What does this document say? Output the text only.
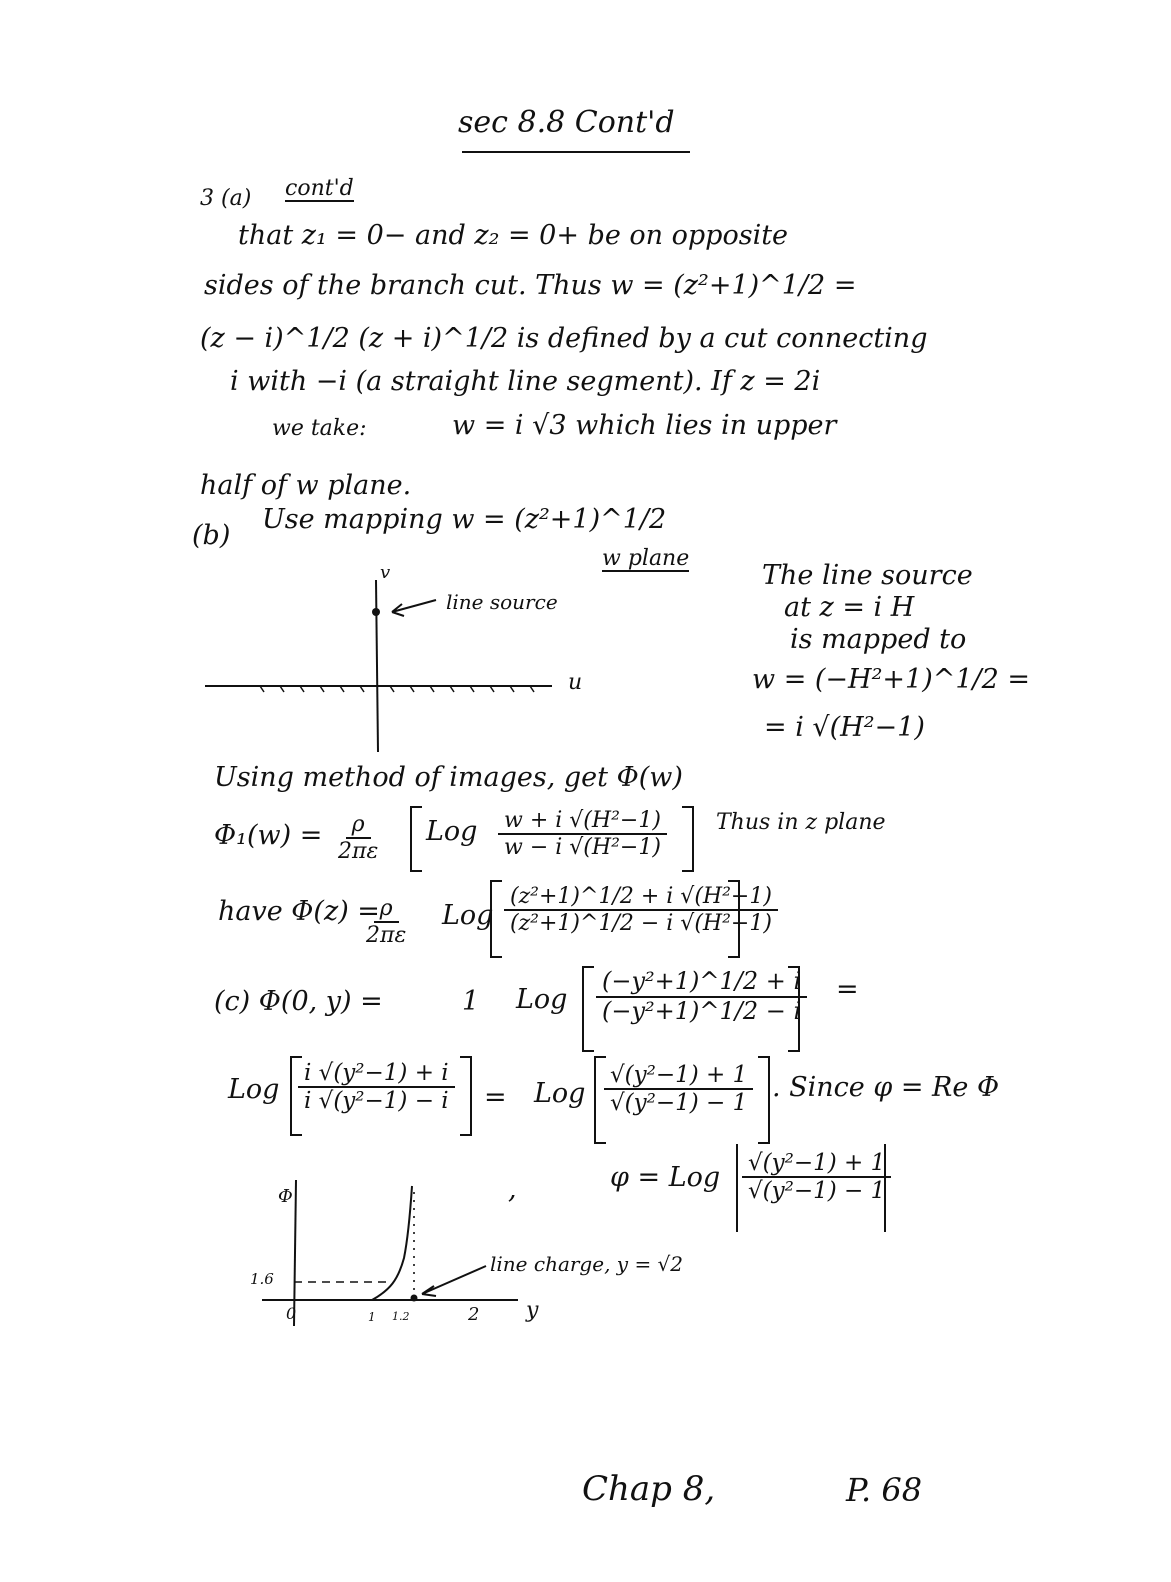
sec 8.8 Cont'd
3 (a) cont'd
that z₁ = 0− and z₂ = 0+ be on opposite
sides of the branch cut. Thus w = (z²+1)^1/2 =
(z − i)^1/2 (z + i)^1/2 is defined by a cut connecting
i with −i (a straight line segment). If z = 2i
we take:	w = i √3 which lies in upper
half of w plane.
(b)
Use mapping w = (z²+1)^1/2
w plane
v
u
line source
The line source
at z = i H
is mapped to
w = (−H²+1)^1/2 =
= i √(H²−1)
Using method of images, get Φ(w)
$\Phi_1(w) = \frac{\rho}{2\pi\varepsilon}$ Log $\frac{\text{w + i √(H²−1)}}{\text{w − i √(H²−1)}}$ Thus in z plane
have Φ(z) =
$\frac{\rho}{2\pi\varepsilon}$ Log $\frac{\text{(z²+1)\textasciicircum{}1/2 + i √(H²−1)}}{\text{(z²+1)\textasciicircum{}1/2 − i √(H²−1)}}$
(c) Φ(0, y) =	1 Log $\frac{\text{(−y²+1)\textasciicircum{}1/2 + i}}{\text{(−y²+1)\textasciicircum{}1/2 − i}}$ =
Log $\frac{\text{i √(y²−1) + i}}{\text{i √(y²−1) − i}}$ = Log $\frac{\text{√(y²−1) + 1}}{\text{√(y²−1) − 1}}$ . Since φ = Re Φ
,	φ = Log $\frac{\text{√(y²−1) + 1}}{\text{√(y²−1) − 1}}$
Φ
y
1.6
0	1 1.2	2
line charge, y = √2
Chap 8,	P. 68
